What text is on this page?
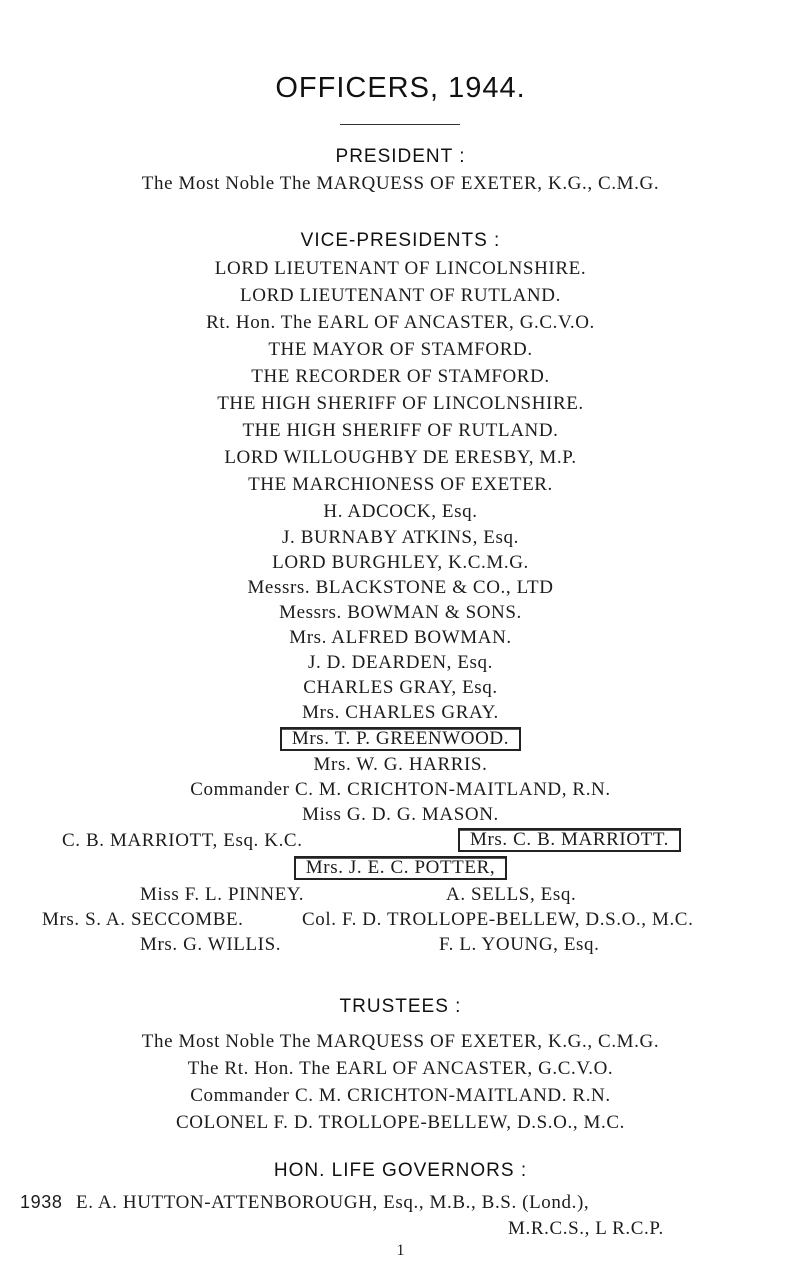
OFFICERS, 1944.
PRESIDENT :
The Most Noble The MARQUESS OF EXETER, K.G., C.M.G.
VICE-PRESIDENTS :
LORD LIEUTENANT OF LINCOLNSHIRE.
LORD LIEUTENANT OF RUTLAND.
Rt. Hon. The EARL OF ANCASTER, G.C.V.O.
THE MAYOR OF STAMFORD.
THE RECORDER OF STAMFORD.
THE HIGH SHERIFF OF LINCOLNSHIRE.
THE HIGH SHERIFF OF RUTLAND.
LORD WILLOUGHBY DE ERESBY, M.P.
THE MARCHIONESS OF EXETER.
H. ADCOCK, Esq.
J. BURNABY ATKINS, Esq.
LORD BURGHLEY, K.C.M.G.
Messrs. BLACKSTONE & CO., LTD
Messrs. BOWMAN & SONS.
Mrs. ALFRED BOWMAN.
J. D. DEARDEN, Esq.
CHARLES GRAY, Esq.
Mrs. CHARLES GRAY.
Mrs. T. P. GREENWOOD.
Mrs. W. G. HARRIS.
Commander C. M. CRICHTON-MAITLAND, R.N.
Miss G. D. G. MASON.
C. B. MARRIOTT, Esq. K.C.	Mrs. C. B. MARRIOTT.
Mrs. J. E. C. POTTER,
Miss F. L. PINNEY.	A. SELLS, Esq.
Mrs. S. A. SECCOMBE.	Col. F. D. TROLLOPE-BELLEW, D.S.O., M.C.
Mrs. G. WILLIS.	F. L. YOUNG, Esq.
TRUSTEES :
The Most Noble The MARQUESS OF EXETER, K.G., C.M.G.
The Rt. Hon. The EARL OF ANCASTER, G.C.V.O.
Commander C. M. CRICHTON-MAITLAND. R.N.
COLONEL F. D. TROLLOPE-BELLEW, D.S.O., M.C.
HON. LIFE GOVERNORS :
1938 E. A. HUTTON-ATTENBOROUGH, Esq., M.B., B.S. (Lond.),
M.R.C.S., L R.C.P.
1
